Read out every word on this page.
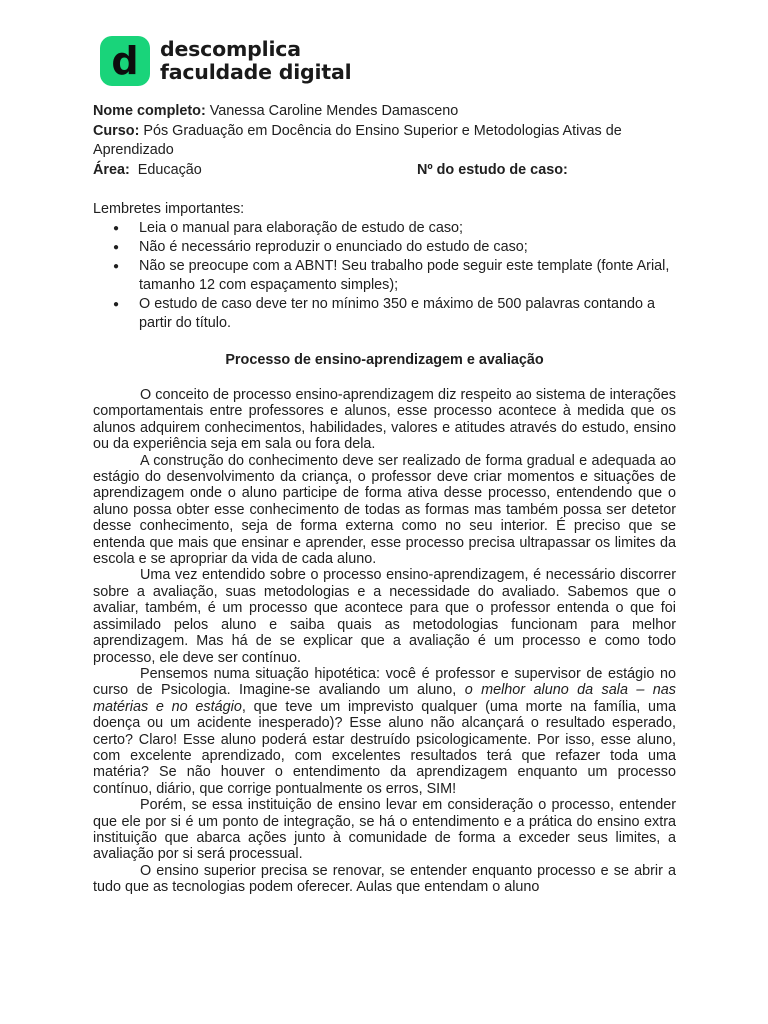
d descomplica
faculdade digital
Nome completo: Vanessa Caroline Mendes Damasceno
Curso: Pós Graduação em Docência do Ensino Superior e Metodologias Ativas de Aprendizado
Área: Educação	Nº do estudo de caso:
Lembretes importantes:
● Leia o manual para elaboração de estudo de caso;
● Não é necessário reproduzir o enunciado do estudo de caso;
● Não se preocupe com a ABNT! Seu trabalho pode seguir este template (fonte Arial, tamanho 12 com espaçamento simples);
● O estudo de caso deve ter no mínimo 350 e máximo de 500 palavras contando a partir do título.
Processo de ensino-aprendizagem e avaliação

O conceito de processo ensino-aprendizagem diz respeito ao sistema de interações comportamentais entre professores e alunos, esse processo acontece à medida que os alunos adquirem conhecimentos, habilidades, valores e atitudes através do estudo, ensino ou da experiência seja em sala ou fora dela.

A construção do conhecimento deve ser realizado de forma gradual e adequada ao estágio do desenvolvimento da criança, o professor deve criar momentos e situações de aprendizagem onde o aluno participe de forma ativa desse processo, entendendo que o aluno possa obter esse conhecimento de todas as formas mas também possa ser detetor desse conhecimento, seja de forma externa como no seu interior. É preciso que se entenda que mais que ensinar e aprender, esse processo precisa ultrapassar os limites da escola e se apropriar da vida de cada aluno.

Uma vez entendido sobre o processo ensino-aprendizagem, é necessário discorrer sobre a avaliação, suas metodologias e a necessidade do avaliado. Sabemos que o avaliar, também, é um processo que acontece para que o professor entenda o que foi assimilado pelos aluno e saiba quais as metodologias funcionam para melhor aprendizagem. Mas há de se explicar que a avaliação é um processo e como todo processo, ele deve ser contínuo.

Pensemos numa situação hipotética: você é professor e supervisor de estágio no curso de Psicologia. Imagine-se avaliando um aluno, o melhor aluno da sala – nas matérias e no estágio, que teve um imprevisto qualquer (uma morte na família, uma doença ou um acidente inesperado)? Esse aluno não alcançará o resultado esperado, certo? Claro! Esse aluno poderá estar destruído psicologicamente. Por isso, esse aluno, com excelente aprendizado, com excelentes resultados terá que refazer toda uma matéria? Se não houver o entendimento da aprendizagem enquanto um processo contínuo, diário, que corrige pontualmente os erros, SIM!

Porém, se essa instituição de ensino levar em consideração o processo, entender que ele por si é um ponto de integração, se há o entendimento e a prática do ensino extra instituição que abarca ações junto à comunidade de forma a exceder seus limites, a avaliação por si será processual.

O ensino superior precisa se renovar, se entender enquanto processo e se abrir a tudo que as tecnologias podem oferecer. Aulas que entendam o aluno
